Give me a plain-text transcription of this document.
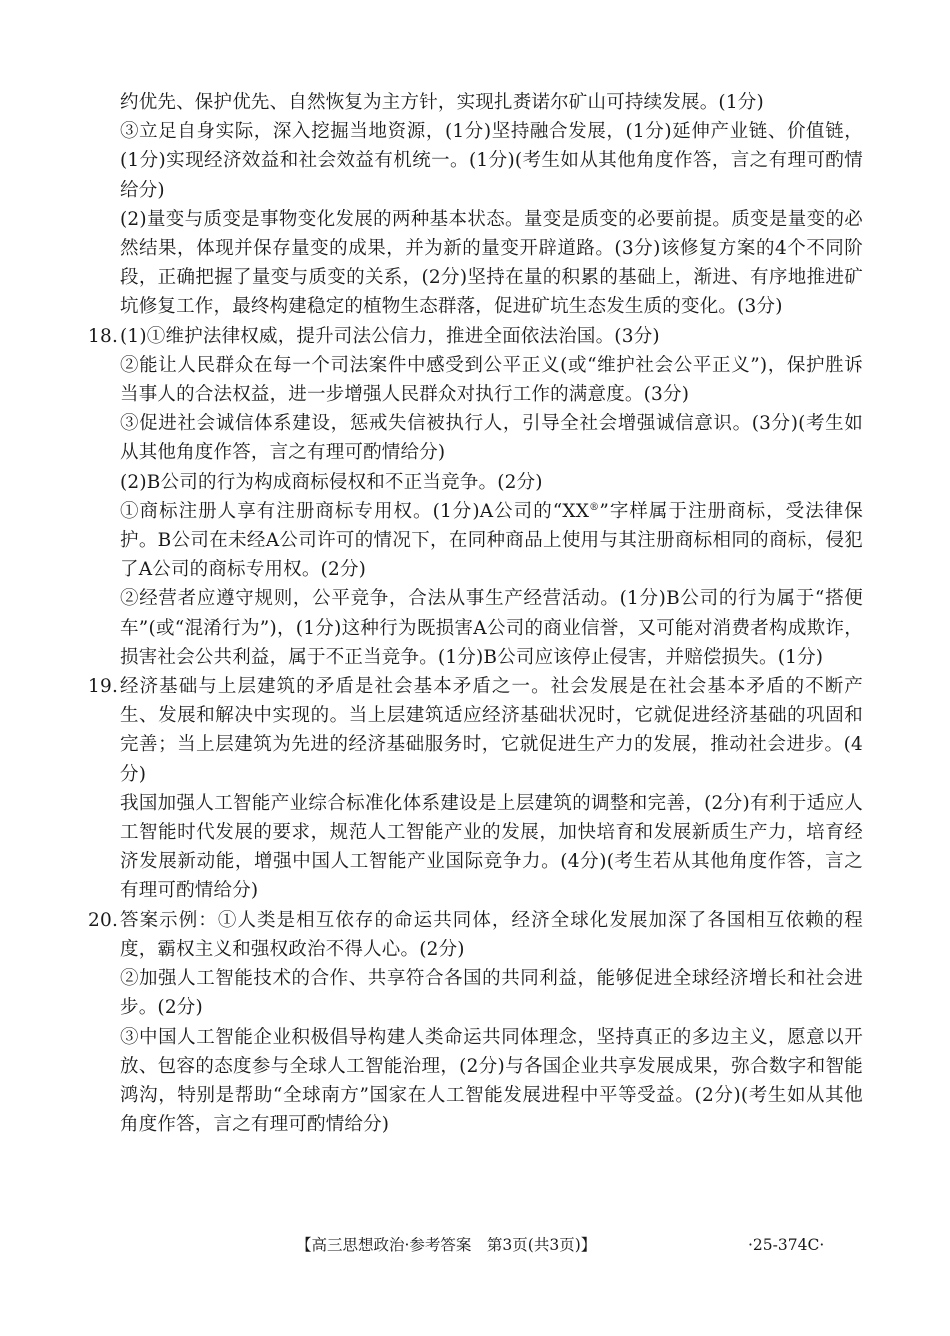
约优先、保护优先、自然恢复为主方针，实现扎赉诺尔矿山可持续发展。(1分)

③立足自身实际，深入挖掘当地资源，(1分)坚持融合发展，(1分)延伸产业链、价值链，(1分)实现经济效益和社会效益有机统一。(1分)(考生如从其他角度作答，言之有理可酌情给分)

(2)量变与质变是事物变化发展的两种基本状态。量变是质变的必要前提。质变是量变的必然结果，体现并保存量变的成果，并为新的量变开辟道路。(3分)该修复方案的4个不同阶段，正确把握了量变与质变的关系，(2分)坚持在量的积累的基础上，渐进、有序地推进矿坑修复工作，最终构建稳定的植物生态群落，促进矿坑生态发生质的变化。(3分)

18. (1)①维护法律权威，提升司法公信力，推进全面依法治国。(3分)

②能让人民群众在每一个司法案件中感受到公平正义(或“维护社会公平正义”)，保护胜诉当事人的合法权益，进一步增强人民群众对执行工作的满意度。(3分)

③促进社会诚信体系建设，惩戒失信被执行人，引导全社会增强诚信意识。(3分)(考生如从其他角度作答，言之有理可酌情给分)

(2)B公司的行为构成商标侵权和不正当竞争。(2分)

①商标注册人享有注册商标专用权。(1分)A公司的“XX®”字样属于注册商标，受法律保护。B公司在未经A公司许可的情况下，在同种商品上使用与其注册商标相同的商标，侵犯了A公司的商标专用权。(2分)

②经营者应遵守规则，公平竞争，合法从事生产经营活动。(1分)B公司的行为属于“搭便车”(或“混淆行为”)，(1分)这种行为既损害A公司的商业信誉，又可能对消费者构成欺诈，损害社会公共利益，属于不正当竞争。(1分)B公司应该停止侵害，并赔偿损失。(1分)

19. 经济基础与上层建筑的矛盾是社会基本矛盾之一。社会发展是在社会基本矛盾的不断产生、发展和解决中实现的。当上层建筑适应经济基础状况时，它就促进经济基础的巩固和完善；当上层建筑为先进的经济基础服务时，它就促进生产力的发展，推动社会进步。(4分)

我国加强人工智能产业综合标准化体系建设是上层建筑的调整和完善，(2分)有利于适应人工智能时代发展的要求，规范人工智能产业的发展，加快培育和发展新质生产力，培育经济发展新动能，增强中国人工智能产业国际竞争力。(4分)(考生若从其他角度作答，言之有理可酌情给分)

20. 答案示例：①人类是相互依存的命运共同体，经济全球化发展加深了各国相互依赖的程度，霸权主义和强权政治不得人心。(2分)

②加强人工智能技术的合作、共享符合各国的共同利益，能够促进全球经济增长和社会进步。(2分)

③中国人工智能企业积极倡导构建人类命运共同体理念，坚持真正的多边主义，愿意以开放、包容的态度参与全球人工智能治理，(2分)与各国企业共享发展成果，弥合数字和智能鸿沟，特别是帮助“全球南方”国家在人工智能发展进程中平等受益。(2分)(考生如从其他角度作答，言之有理可酌情给分)

【高三思想政治·参考答案　第3页(共3页)】	·25-374C·
